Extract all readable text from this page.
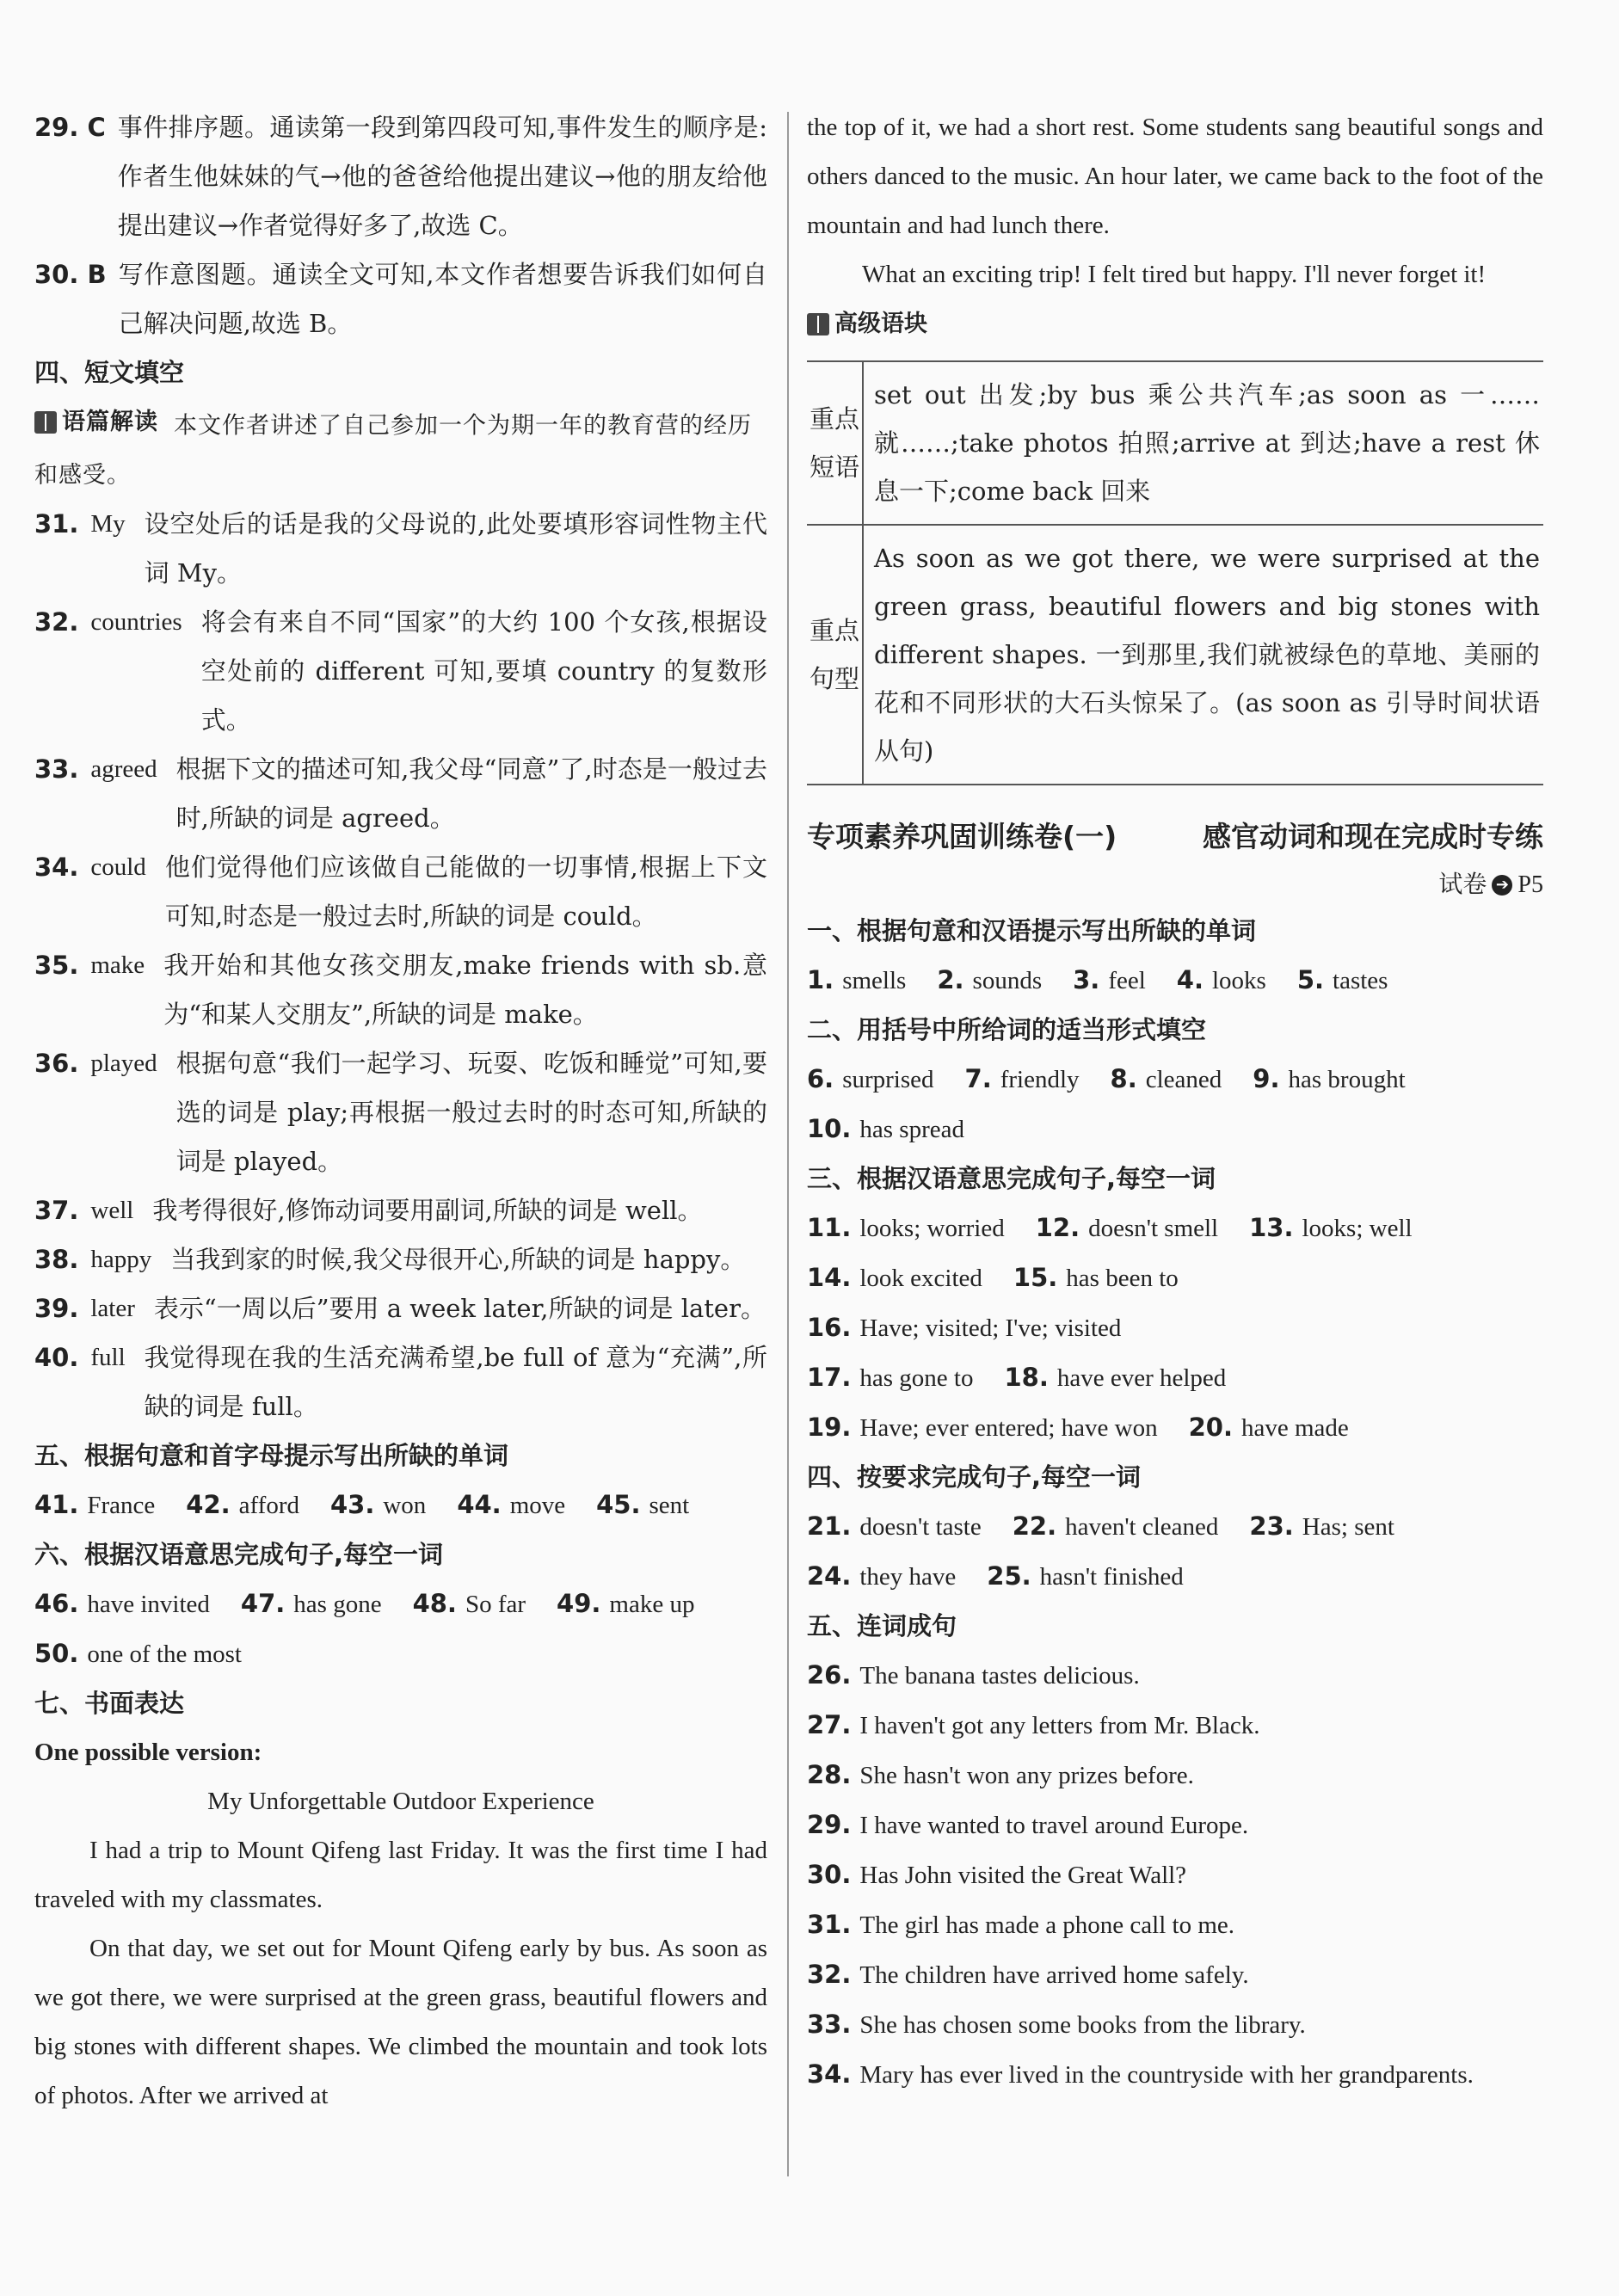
29. C 事件排序题。通读第一段到第四段可知,事件发生的顺序是:作者生他妹妹的气→他的爸爸给他提出建议→他的朋友给他提出建议→作者觉得好多了,故选 C。
30. B 写作意图题。通读全文可知,本文作者想要告诉我们如何自己解决问题,故选 B。
四、短文填空
语篇解读 本文作者讲述了自己参加一个为期一年的教育营的经历和感受。
31. My 设空处后的话是我的父母说的,此处要填形容词性物主代词 My。
32. countries 将会有来自不同“国家”的大约 100 个女孩,根据设空处前的 different 可知,要填 country 的复数形式。
33. agreed 根据下文的描述可知,我父母“同意”了,时态是一般过去时,所缺的词是 agreed。
34. could 他们觉得他们应该做自己能做的一切事情,根据上下文可知,时态是一般过去时,所缺的词是 could。
35. make 我开始和其他女孩交朋友,make friends with sb.意为“和某人交朋友”,所缺的词是 make。
36. played 根据句意“我们一起学习、玩耍、吃饭和睡觉”可知,要选的词是 play;再根据一般过去时的时态可知,所缺的词是 played。
37. well 我考得很好,修饰动词要用副词,所缺的词是 well。
38. happy 当我到家的时候,我父母很开心,所缺的词是 happy。
39. later 表示“一周以后”要用 a week later,所缺的词是 later。
40. full 我觉得现在我的生活充满希望,be full of 意为“充满”,所缺的词是 full。
五、根据句意和首字母提示写出所缺的单词
41. France 42. afford 43. won 44. move 45. sent
六、根据汉语意思完成句子,每空一词
46. have invited 47. has gone 48. So far 49. make up
50. one of the most
七、书面表达
One possible version:
My Unforgettable Outdoor Experience
I had a trip to Mount Qifeng last Friday. It was the first time I had traveled with my classmates.
On that day, we set out for Mount Qifeng early by bus. As soon as we got there, we were surprised at the green grass, beautiful flowers and big stones with different shapes. We climbed the mountain and took lots of photos. After we arrived at
the top of it, we had a short rest. Some students sang beautiful songs and others danced to the music. An hour later, we came back to the foot of the mountain and had lunch there.
What an exciting trip! I felt tired but happy. I'll never forget it!
高级语块
重点短语	set out 出发;by bus 乘公共汽车;as soon as 一……就……;take photos 拍照;arrive at 到达;have a rest 休息一下;come back 回来
重点句型	As soon as we got there, we were surprised at the green grass, beautiful flowers and big stones with different shapes. 一到那里,我们就被绿色的草地、美丽的花和不同形状的大石头惊呆了。(as soon as 引导时间状语从句)
专项素养巩固训练卷(一)	感官动词和现在完成时专练
试卷 ➔ P5
一、根据句意和汉语提示写出所缺的单词
1. smells 2. sounds 3. feel 4. looks 5. tastes
二、用括号中所给词的适当形式填空
6. surprised 7. friendly 8. cleaned 9. has brought
10. has spread
三、根据汉语意思完成句子,每空一词
11. looks; worried 12. doesn't smell 13. looks; well
14. look excited 15. has been to
16. Have; visited; I've; visited
17. has gone to 18. have ever helped
19. Have; ever entered; have won 20. have made
四、按要求完成句子,每空一词
21. doesn't taste 22. haven't cleaned 23. Has; sent
24. they have 25. hasn't finished
五、连词成句
26. The banana tastes delicious.
27. I haven't got any letters from Mr. Black.
28. She hasn't won any prizes before.
29. I have wanted to travel around Europe.
30. Has John visited the Great Wall?
31. The girl has made a phone call to me.
32. The children have arrived home safely.
33. She has chosen some books from the library.
34. Mary has ever lived in the countryside with her grandparents.
